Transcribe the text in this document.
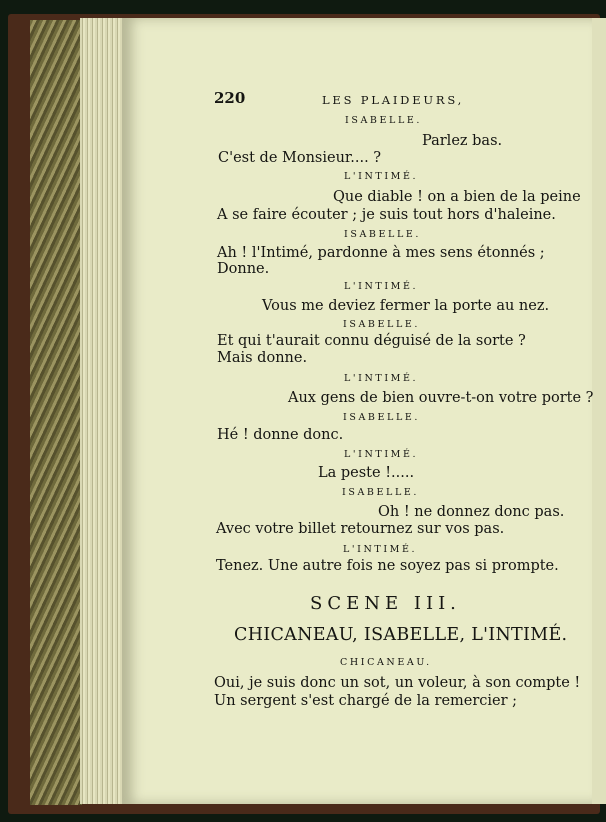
220	LES PLAIDEURS,
ISABELLE.
Parlez bas.
C'est de Monsieur.... ?
L'INTIMÉ.
Que diable ! on a bien de la peine
A se faire écouter ; je suis tout hors d'haleine.
ISABELLE.
Ah ! l'Intimé, pardonne à mes sens étonnés ;
Donne.
L'INTIMÉ.
Vous me deviez fermer la porte au nez.
ISABELLE.
Et qui t'aurait connu déguisé de la sorte ?
Mais donne.
L'INTIMÉ.
Aux gens de bien ouvre-t-on votre porte ?
ISABELLE.
Hé ! donne donc.
L'INTIMÉ.
La peste !.....
ISABELLE.
Oh ! ne donnez donc pas.
Avec votre billet retournez sur vos pas.
L'INTIMÉ.
Tenez. Une autre fois ne soyez pas si prompte.
SCENE III.
CHICANEAU, ISABELLE, L'INTIMÉ.
CHICANEAU.
Oui, je suis donc un sot, un voleur, à son compte !
Un sergent s'est chargé de la remercier ;
